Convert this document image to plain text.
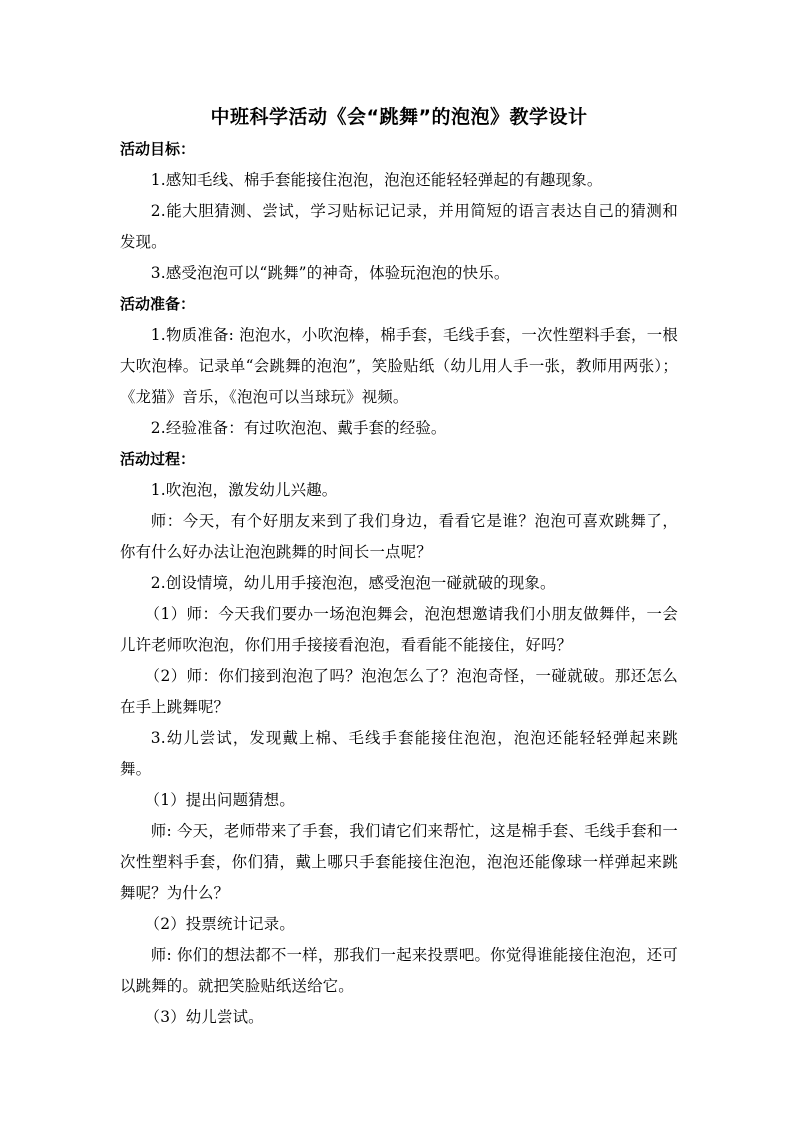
中班科学活动《会“跳舞”的泡泡》教学设计

活动目标：

1.感知毛线、棉手套能接住泡泡，泡泡还能轻轻弹起的有趣现象。

2.能大胆猜测、尝试，学习贴标记记录，并用简短的语言表达自己的猜测和发现。

3.感受泡泡可以“跳舞”的神奇，体验玩泡泡的快乐。

活动准备：

1.物质准备: 泡泡水，小吹泡棒，棉手套，毛线手套，一次性塑料手套，一根大吹泡棒。记录单“会跳舞的泡泡”，笑脸贴纸（幼儿用人手一张，教师用两张）；《龙猫》音乐，《泡泡可以当球玩》视频。

2.经验准备：有过吹泡泡、戴手套的经验。

活动过程：

1.吹泡泡，激发幼儿兴趣。

师：今天，有个好朋友来到了我们身边，看看它是谁？泡泡可喜欢跳舞了，你有什么好办法让泡泡跳舞的时间长一点呢？

2.创设情境，幼儿用手接泡泡，感受泡泡一碰就破的现象。

（1）师：今天我们要办一场泡泡舞会，泡泡想邀请我们小朋友做舞伴，一会儿许老师吹泡泡，你们用手接接看泡泡，看看能不能接住，好吗？

（2）师：你们接到泡泡了吗？泡泡怎么了？泡泡奇怪，一碰就破。那还怎么在手上跳舞呢？

3.幼儿尝试，发现戴上棉、毛线手套能接住泡泡，泡泡还能轻轻弹起来跳舞。

（1）提出问题猜想。

师: 今天，老师带来了手套，我们请它们来帮忙，这是棉手套、毛线手套和一次性塑料手套，你们猜，戴上哪只手套能接住泡泡，泡泡还能像球一样弹起来跳舞呢？为什么？

（2）投票统计记录。

师: 你们的想法都不一样，那我们一起来投票吧。你觉得谁能接住泡泡，还可以跳舞的。就把笑脸贴纸送给它。

（3）幼儿尝试。
